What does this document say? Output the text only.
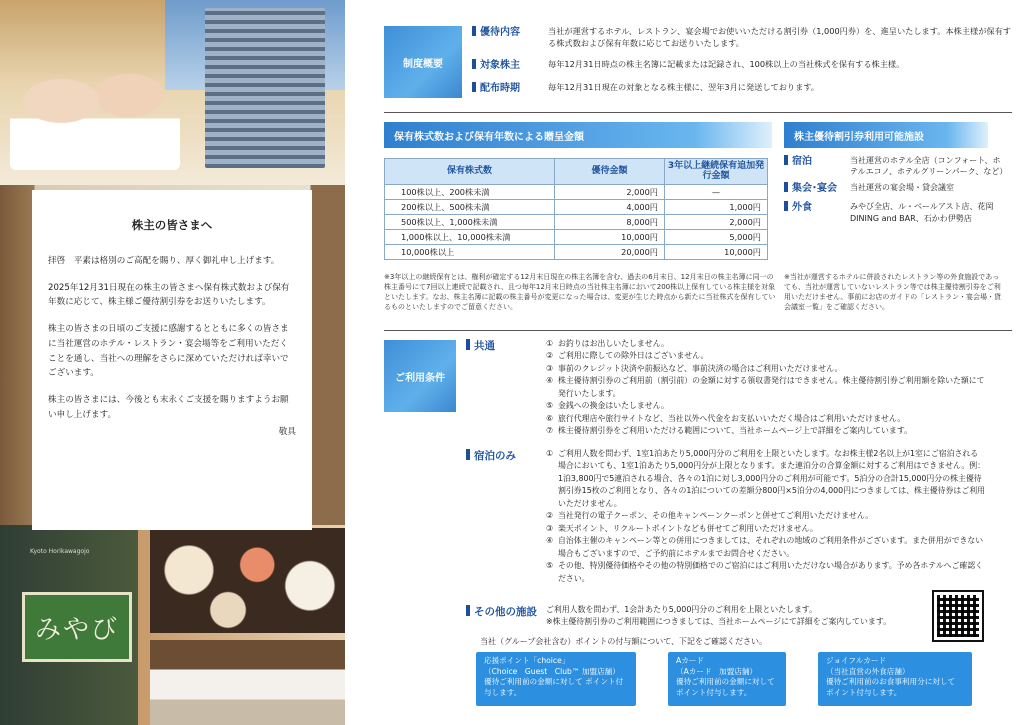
Kyoto Horikawagojo
みやび
株主の皆さまへ

拝啓　平素は格別のご高配を賜り、厚く御礼申し上げます。

2025年12月31日現在の株主の皆さまへ保有株式数および保有年数に応じて、株主様ご優待割引券をお送りいたします。

株主の皆さまの日頃のご支援に感謝するとともに多くの皆さまに当社運営のホテル・レストラン・宴会場等をご利用いただくことを通し、当社への理解をさらに深めていただければ幸いでございます。

株主の皆さまには、今後とも末永くご支援を賜りますようお願い申し上げます。

敬具

制度概要
優待内容	当社が運営するホテル、レストラン、宴会場でお使いいただける割引券（1,000円券）を、進呈いたします。本株主様が保有する株式数および保有年数に応じてお送りいたします。
対象株主	毎年12月31日時点の株主名簿に記載または記録され、100株以上の当社株式を保有する株主様。
配布時期	毎年12月31日現在の対象となる株主様に、翌年3月に発送しております。
保有株式数および保有年数による贈呈金額	株主優待割引券利用可能施設
保有株式数	優待金額	3年以上継続保有追加発行金額
100株以上、200株未満	2,000円	—
200株以上、500株未満	4,000円	1,000円
500株以上、1,000株未満	8,000円	2,000円
1,000株以上、10,000株未満	10,000円	5,000円
10,000株以上	20,000円	10,000円
※3年以上の継続保有とは、権利が確定する12月末日現在の株主名簿を含む、過去の6月末日、12月末日の株主名簿に同一の株主番号にて7回以上連続で記載され、且つ毎年12月末日時点の当社株主名簿において200株以上保有している株主様を対象といたします。なお、株主名簿に記載の株主番号が変更になった場合は、変更が生じた時点から新たに当社株式を保有しているものといたしますのでご留意ください。
宿泊	当社運営のホテル全店（コンフォート、ホテルエコノ、ホテルグリーンパーク、など）
集会･宴会	当社運営の宴会場・貸会議室
外食	みやび全店、ル・ベールアスト店、花岡DINING and BAR、石かわ伊勢店
※当社が運営するホテルに併設されたレストラン等の外食施設であっても、当社が運営していないレストラン等では株主優待割引券をご利用いただけません。事前にお店のガイドの「レストラン・宴会場・貸会議室一覧」をご確認ください。
ご利用条件
共通	① お釣りはお出しいたしません。
② ご利用に際しての除外日はございません。
③ 事前のクレジット決済や前振込など、事前決済の場合はご利用いただけません。
④ 株主優待割引券のご利用前（割引前）の金額に対する領収書発行はできません。株主優待割引券ご利用額を除いた額にて発行いたします。
⑤ 金銭への換金はいたしません。
⑥ 旅行代理店や旅行サイトなど、当社以外へ代金をお支払いいただく場合はご利用いただけません。
⑦ 株主優待割引券をご利用いただける範囲について、当社ホームページ上で詳細をご案内しています。
宿泊のみ	① ご利用人数を問わず、1室1泊あたり5,000円分のご利用を上限といたします。なお株主様2名以上が1室にご宿泊される場合においても、1室1泊あたり5,000円分が上限となります。また連泊分の合算金額に対するご利用はできません。例：1泊3,800円で5連泊される場合、各々の1泊に対し3,000円分のご利用が可能です。5泊分の合計15,000円分の株主優待割引券15枚のご利用となり、各々の1泊についての差額分800円×5泊分の4,000円につきましては、株主優待券はご利用いただけません。
② 当社発行の電子クーポン、その他キャンペーンクーポンと併せてご利用いただけません。
③ 楽天ポイント、リクルートポイントなども併せてご利用いただけません。
④ 自治体主催のキャンペーン等との併用につきましては、それぞれの地域のご利用条件がございます。また併用ができない場合もございますので、ご予約前にホテルまでお問合せください。
⑤ その他、特別優待価格やその他の特別価格でのご宿泊にはご利用いただけない場合があります。予め各ホテルへご確認ください。
その他の施設 ご利用人数を問わず、1会計あたり5,000円分のご利用を上限といたします。
※株主優待割引券のご利用範囲につきましては、当社ホームページにて詳細をご案内しています。
当社（グループ会社含む）ポイントの付与額について、下記をご確認ください。
応援ポイント「choice」
（Choice　Guest　Club™ 加盟店舗）
優待ご利用前の金額に対して ポイント付与します。
Aカード
（Aカード　加盟店舗）
優待ご利用前の金額に対して ポイント付与します。
ジョイフルカード
（当社直営の外食店舗）
優待ご利用前のお食事利用分に対して ポイント付与します。
